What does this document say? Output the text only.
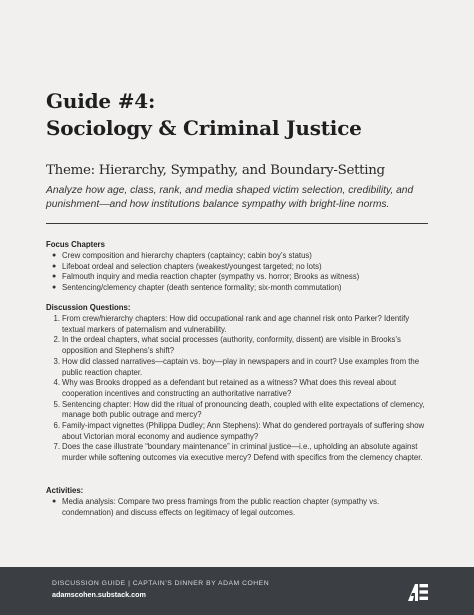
Guide #4:
Sociology & Criminal Justice
Theme: Hierarchy, Sympathy, and Boundary-Setting
Analyze how age, class, rank, and media shaped victim selection, credibility, and punishment—and how institutions balance sympathy with bright-line norms.
Focus Chapters
● Crew composition and hierarchy chapters (captaincy; cabin boy’s status)
● Lifeboat ordeal and selection chapters (weakest/youngest targeted; no lots)
● Falmouth inquiry and media reaction chapter (sympathy vs. horror; Brooks as witness)
● Sentencing/clemency chapter (death sentence formality; six-month commutation)
Discussion Questions:
1. From crew/hierarchy chapters: How did occupational rank and age channel risk onto Parker? Identify textual markers of paternalism and vulnerability.
2. In the ordeal chapters, what social processes (authority, conformity, dissent) are visible in Brooks’s opposition and Stephens’s shift?
3. How did classed narratives—captain vs. boy—play in newspapers and in court? Use examples from the public reaction chapter.
4. Why was Brooks dropped as a defendant but retained as a witness? What does this reveal about cooperation incentives and constructing an authoritative narrative?
5. Sentencing chapter: How did the ritual of pronouncing death, coupled with elite expectations of clemency, manage both public outrage and mercy?
6. Family-impact vignettes (Philippa Dudley; Ann Stephens): What do gendered portrayals of suffering show about Victorian moral economy and audience sympathy?
7. Does the case illustrate “boundary maintenance” in criminal justice—i.e., upholding an absolute against murder while softening outcomes via executive mercy? Defend with specifics from the clemency chapter.
Activities:
● Media analysis: Compare two press framings from the public reaction chapter (sympathy vs. condemnation) and discuss effects on legitimacy of legal outcomes.
DISCUSSION GUIDE | CAPTAIN’S DINNER BY ADAM COHEN
adamscohen.substack.com
